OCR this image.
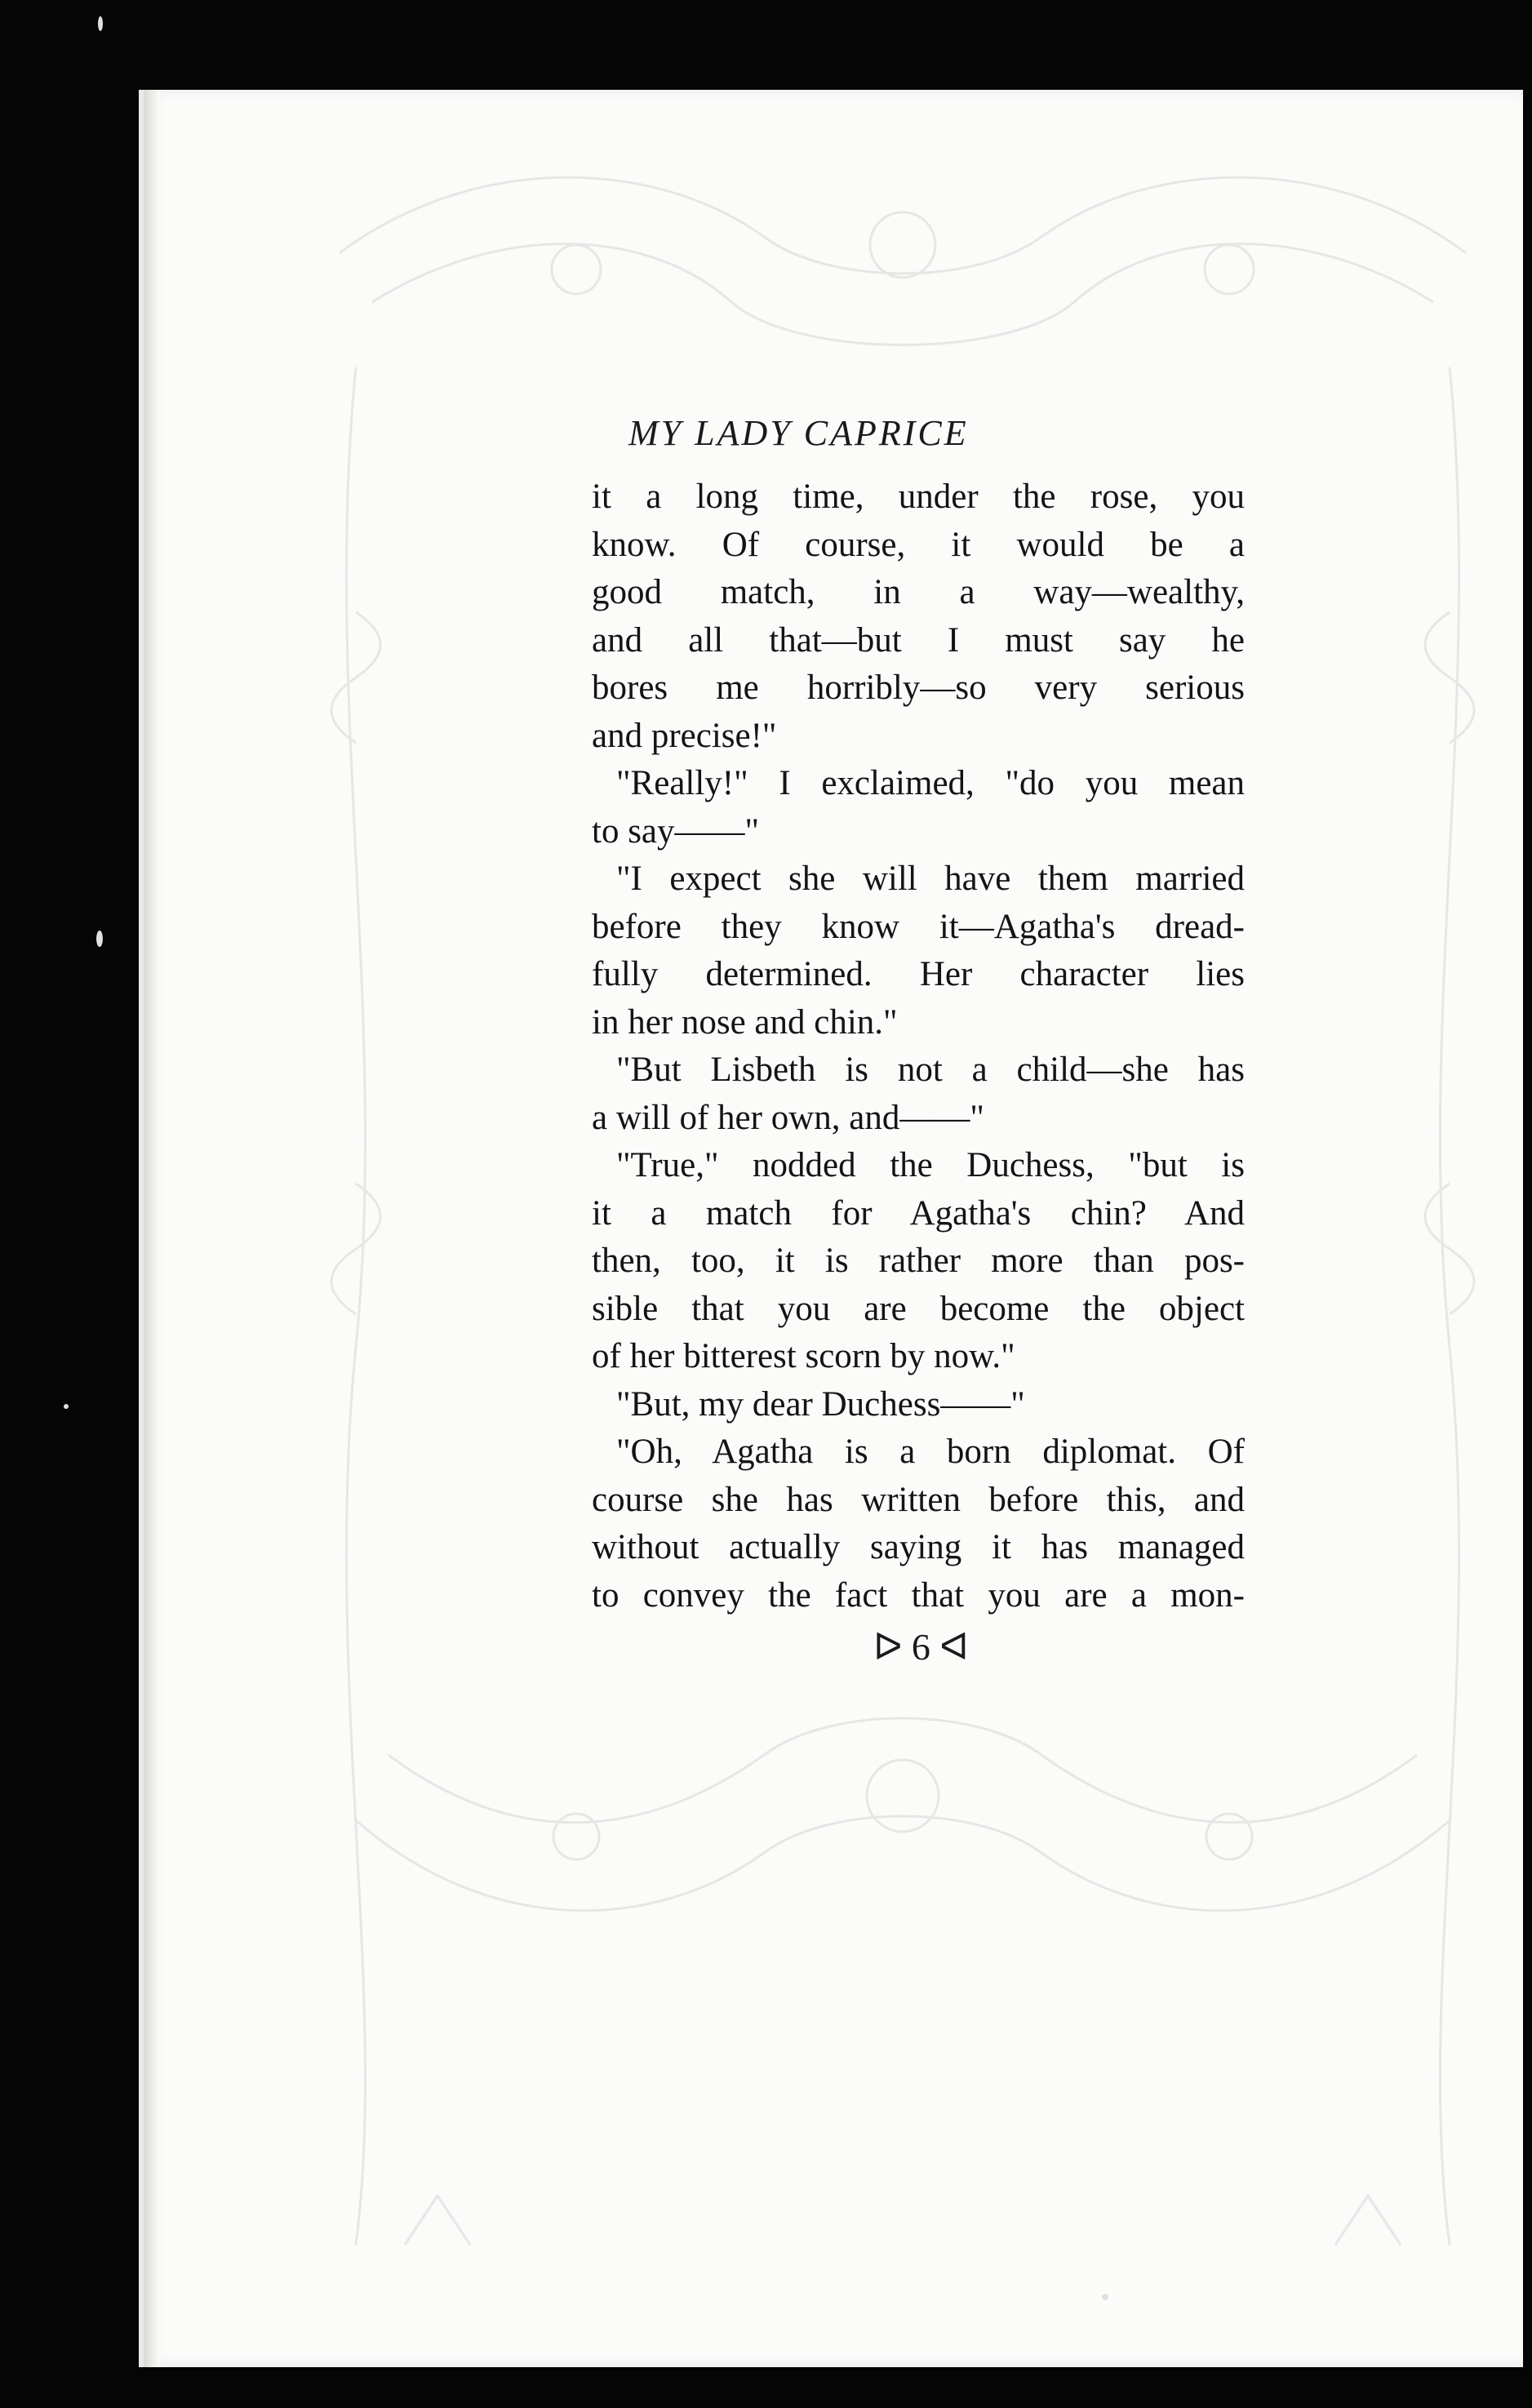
MY LADY CAPRICE
it a long time, under the rose, you
know. Of course, it would be a
good match, in a way—wealthy,
and all that—but I must say he
bores me horribly—so very serious
and precise!"
"Really!" I exclaimed, "do you mean
to say——"
"I expect she will have them married
before they know it—Agatha's dread-
fully determined. Her character lies
in her nose and chin."
"But Lisbeth is not a child—she has
a will of her own, and——"
"True," nodded the Duchess, "but is
it a match for Agatha's chin? And
then, too, it is rather more than pos-
sible that you are become the object
of her bitterest scorn by now."
"But, my dear Duchess——"
"Oh, Agatha is a born diplomat. Of
course she has written before this, and
without actually saying it has managed
to convey the fact that you are a mon-
ᐅ 6 ᐊ
